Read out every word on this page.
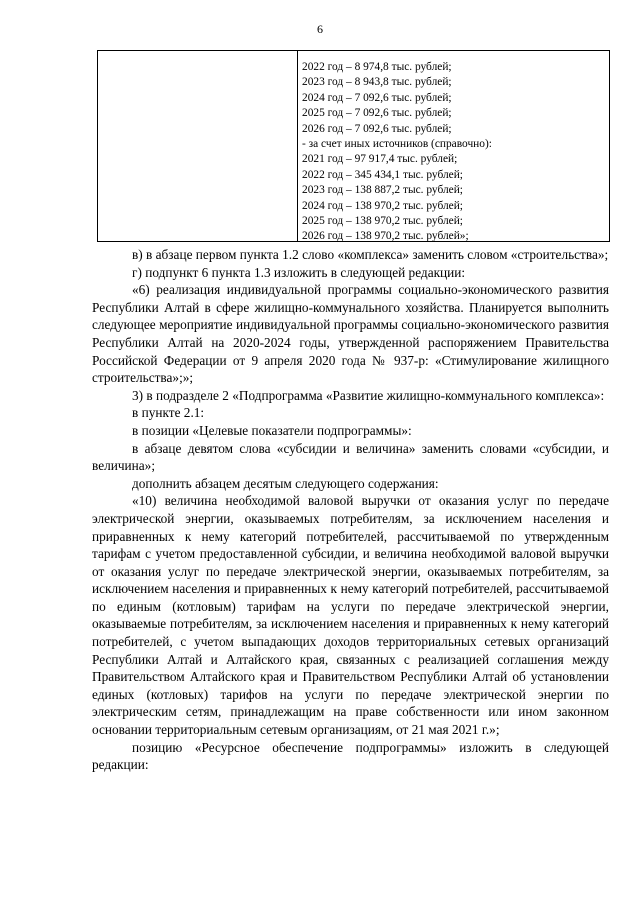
6
2022 год – 8 974,8 тыс. рублей;
2023 год – 8 943,8 тыс. рублей;
2024 год – 7 092,6 тыс. рублей;
2025 год – 7 092,6 тыс. рублей;
2026 год – 7 092,6 тыс. рублей;
- за счет иных источников (справочно):
2021 год – 97 917,4 тыс. рублей;
2022 год – 345 434,1 тыс. рублей;
2023 год – 138 887,2 тыс. рублей;
2024 год – 138 970,2 тыс. рублей;
2025 год – 138 970,2 тыс. рублей;
2026 год – 138 970,2 тыс. рублей»;

в) в абзаце первом пункта 1.2 слово «комплекса» заменить словом «строительства»;

г) подпункт 6 пункта 1.3 изложить в следующей редакции:

«6) реализация индивидуальной программы социально-экономического развития Республики Алтай в сфере жилищно-коммунального хозяйства. Планируется выполнить следующее мероприятие индивидуальной программы социально-экономического развития Республики Алтай на 2020-2024 годы, утвержденной распоряжением Правительства Российской Федерации от 9 апреля 2020 года № 937-р: «Стимулирование жилищного строительства»;»;

3) в подразделе 2 «Подпрограмма «Развитие жилищно-коммунального комплекса»:

в пункте 2.1:

в позиции «Целевые показатели подпрограммы»:

в абзаце девятом слова «субсидии и величина» заменить словами «субсидии, и величина»;

дополнить абзацем десятым следующего содержания:

«10) величина необходимой валовой выручки от оказания услуг по передаче электрической энергии, оказываемых потребителям, за исключением населения и приравненных к нему категорий потребителей, рассчитываемой по утвержденным тарифам с учетом предоставленной субсидии, и величина необходимой валовой выручки от оказания услуг по передаче электрической энергии, оказываемых потребителям, за исключением населения и приравненных к нему категорий потребителей, рассчитываемой по единым (котловым) тарифам на услуги по передаче электрической энергии, оказываемые потребителям, за исключением населения и приравненных к нему категорий потребителей, с учетом выпадающих доходов территориальных сетевых организаций Республики Алтай и Алтайского края, связанных с реализацией соглашения между Правительством Алтайского края и Правительством Республики Алтай об установлении единых (котловых) тарифов на услуги по передаче электрической энергии по электрическим сетям, принадлежащим на праве собственности или ином законном основании территориальным сетевым организациям, от 21 мая 2021 г.»;

позицию «Ресурсное обеспечение подпрограммы» изложить в следующей редакции:
